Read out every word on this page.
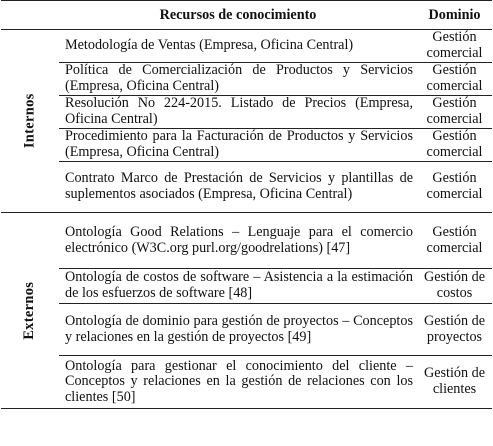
	Recursos de conocimiento	Dominio
Internos	Metodología de Ventas (Empresa, Oficina Central)	Gestión comercial
	Política de Comercialización de Productos y Servicios (Empresa, Oficina Central)	Gestión comercial
	Resolución No 224-2015. Listado de Precios (Empresa, Oficina Central)	Gestión comercial
	Procedimiento para la Facturación de Productos y Servicios (Empresa, Oficina Central)	Gestión comercial
	Contrato Marco de Prestación de Servicios y plantillas de suplementos asociados (Empresa, Oficina Central)	Gestión comercial
Externos	Ontología Good Relations – Lenguaje para el comercio electrónico (W3C.org purl.org/goodrelations) [47]	Gestión comercial
	Ontología de costos de software – Asistencia a la estimación de los esfuerzos de software [48]	Gestión de costos
	Ontología de dominio para gestión de proyectos – Conceptos y relaciones en la gestión de proyectos [49]	Gestión de proyectos
	Ontología para gestionar el conocimiento del cliente – Conceptos y relaciones en la gestión de relaciones con los clientes [50]	Gestión de clientes
